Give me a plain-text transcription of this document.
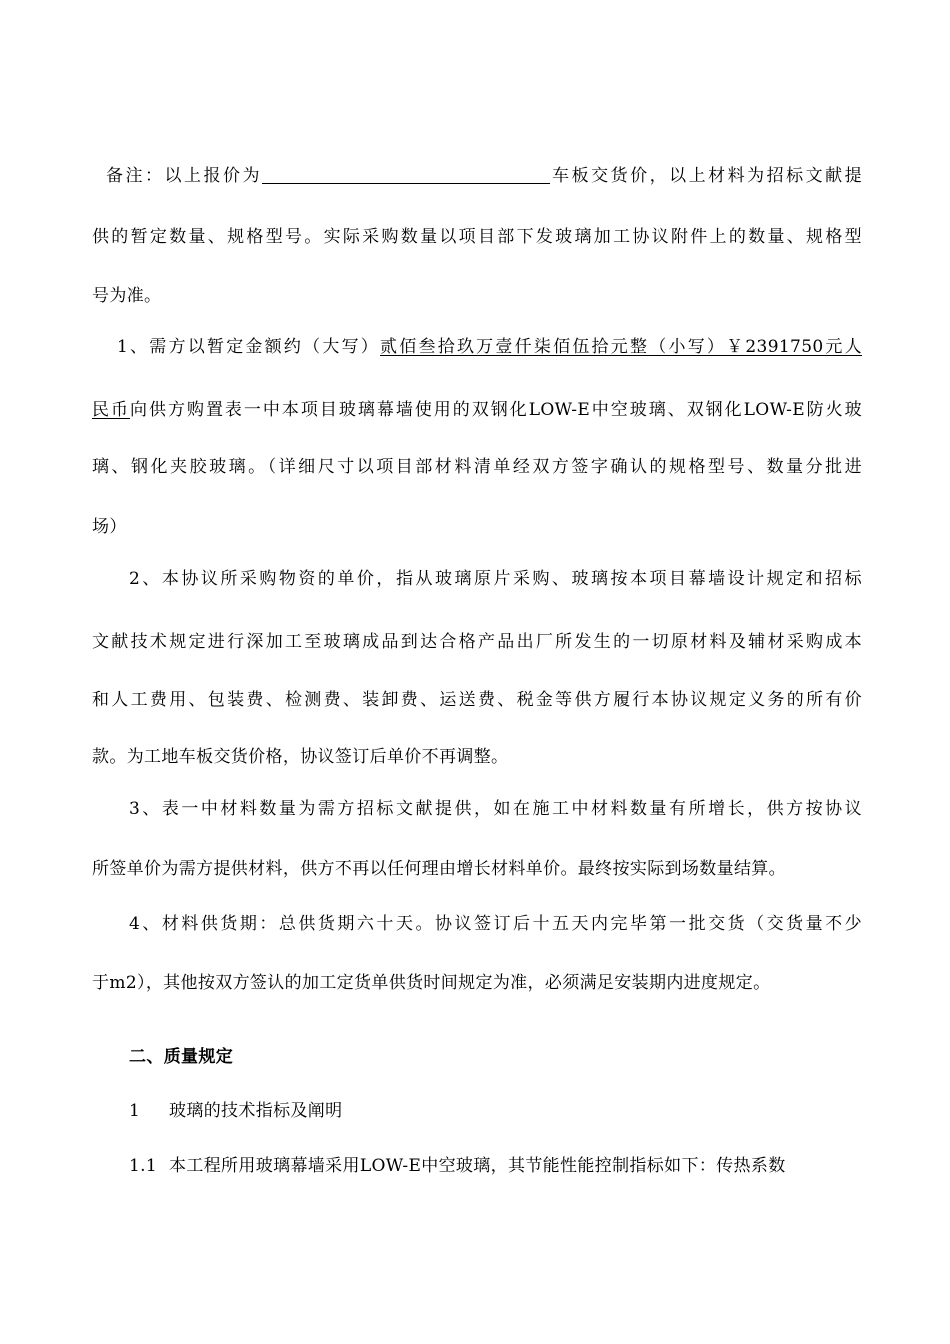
备注：以上报价为	车板交货价，以上材料为招标文献提
供的暂定数量、规格型号。实际采购数量以项目部下发玻璃加工协议附件上的数量、规格型
号为准。
1、需方以暂定金额约（大写）贰佰叁拾玖万壹仟柒佰伍拾元整（小写）￥2391750元人
民币向供方购置表一中本项目玻璃幕墙使用的双钢化LOW-E中空玻璃、双钢化LOW-E防火玻
璃、钢化夹胶玻璃。（详细尺寸以项目部材料清单经双方签字确认的规格型号、数量分批进
场）
2、本协议所采购物资的单价，指从玻璃原片采购、玻璃按本项目幕墙设计规定和招标
文献技术规定进行深加工至玻璃成品到达合格产品出厂所发生的一切原材料及辅材采购成本
和人工费用、包装费、检测费、装卸费、运送费、税金等供方履行本协议规定义务的所有价
款。为工地车板交货价格，协议签订后单价不再调整。
3、表一中材料数量为需方招标文献提供，如在施工中材料数量有所增长，供方按协议
所签单价为需方提供材料，供方不再以任何理由增长材料单价。最终按实际到场数量结算。
4、材料供货期：总供货期六十天。协议签订后十五天内完毕第一批交货（交货量不少
于m2），其他按双方签认的加工定货单供货时间规定为准，必须满足安装期内进度规定。
二、质量规定
1 玻璃的技术指标及阐明
1.1 本工程所用玻璃幕墙采用LOW-E中空玻璃，其节能性能控制指标如下：传热系数
